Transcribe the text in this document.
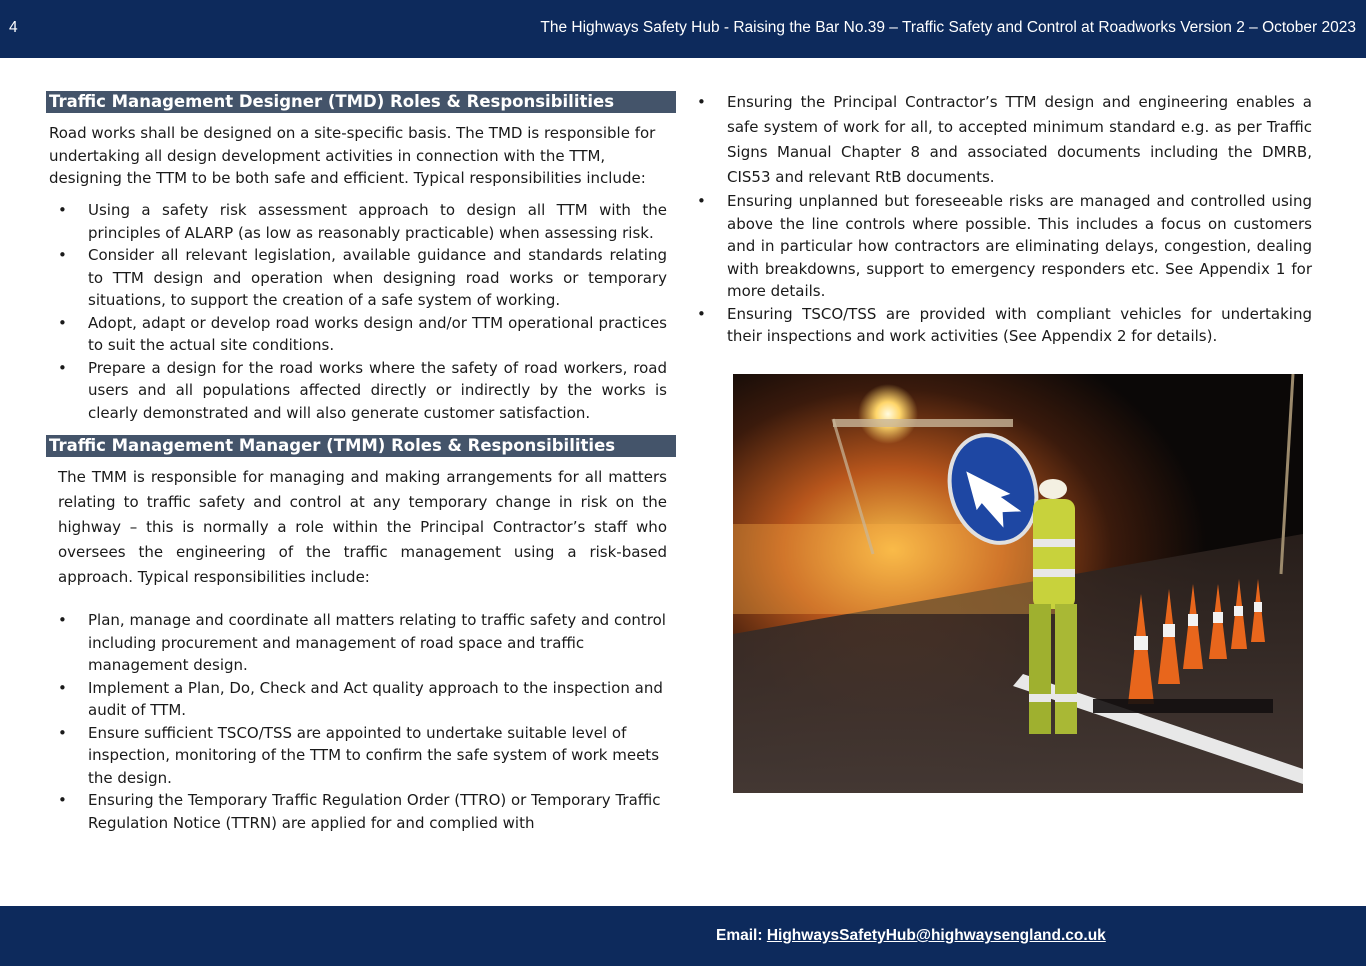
4	The Highways Safety Hub - Raising the Bar No.39 – Traffic Safety and Control at Roadworks Version 2 – October 2023
Traffic Management Designer (TMD) Roles & Responsibilities

Road works shall be designed on a site-specific basis. The TMD is responsible for undertaking all design development activities in connection with the TTM, designing the TTM to be both safe and efficient. Typical responsibilities include:

• Using a safety risk assessment approach to design all TTM with the principles of ALARP (as low as reasonably practicable) when assessing risk.
• Consider all relevant legislation, available guidance and standards relating to TTM design and operation when designing road works or temporary situations, to support the creation of a safe system of working.
• Adopt, adapt or develop road works design and/or TTM operational practices to suit the actual site conditions.
• Prepare a design for the road works where the safety of road workers, road users and all populations affected directly or indirectly by the works is clearly demonstrated and will also generate customer satisfaction.
Traffic Management Manager (TMM) Roles & Responsibilities

The TMM is responsible for managing and making arrangements for all matters relating to traffic safety and control at any temporary change in risk on the highway – this is normally a role within the Principal Contractor’s staff who oversees the engineering of the traffic management using a risk-based approach. Typical responsibilities include:

• Plan, manage and coordinate all matters relating to traffic safety and control including procurement and management of road space and traffic management design.
• Implement a Plan, Do, Check and Act quality approach to the inspection and audit of TTM.
• Ensure sufficient TSCO/TSS are appointed to undertake suitable level of inspection, monitoring of the TTM to confirm the safe system of work meets the design.
• Ensuring the Temporary Traffic Regulation Order (TTRO) or Temporary Traffic Regulation Notice (TTRN) are applied for and complied with
• Ensuring the Principal Contractor’s TTM design and engineering enables a safe system of work for all, to accepted minimum standard e.g. as per Traffic Signs Manual Chapter 8 and associated documents including the DMRB, CIS53 and relevant RtB documents.
• Ensuring unplanned but foreseeable risks are managed and controlled using above the line controls where possible. This includes a focus on customers and in particular how contractors are eliminating delays, congestion, dealing with breakdowns, support to emergency responders etc. See Appendix 1 for more details.
• Ensuring TSCO/TSS are provided with compliant vehicles for undertaking their inspections and work activities (See Appendix 2 for details).
Email: HighwaysSafetyHub@highwaysengland.co.uk
